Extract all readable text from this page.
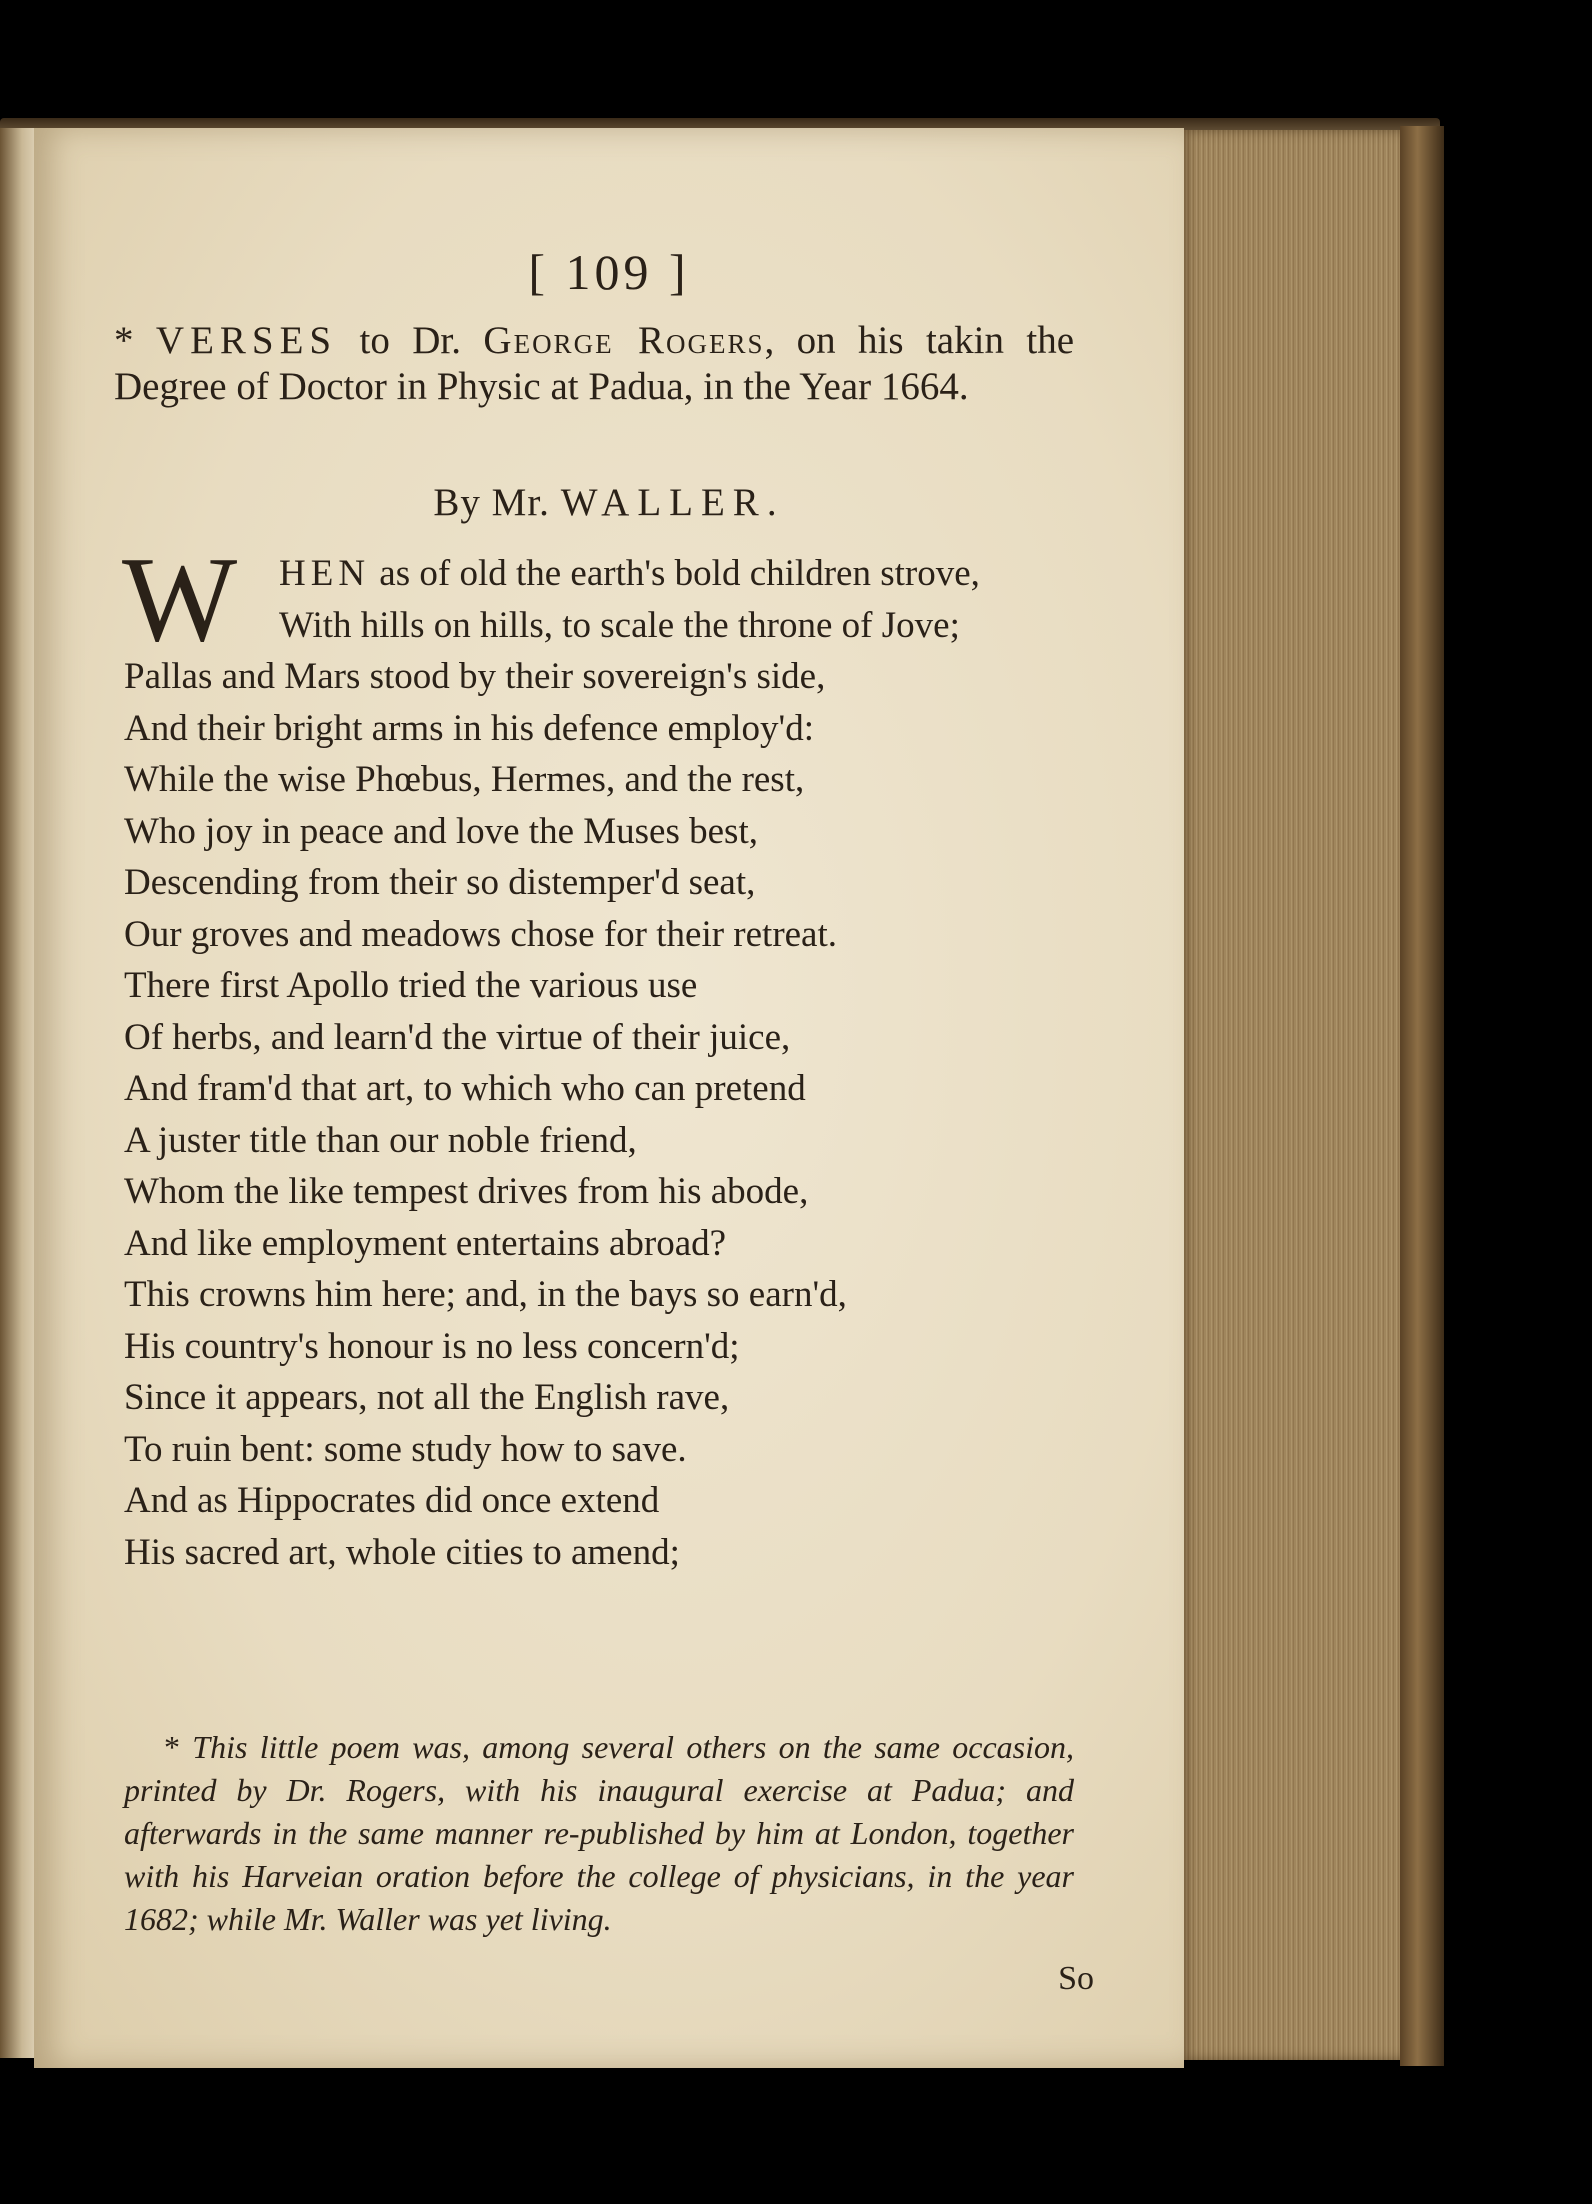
[ 109 ]
* VERSES to Dr. George Rogers, on his takin the Degree of Doctor in Physic at Padua, in the Year 1664.
By Mr. WALLER.
W	HEN as of old the earth's bold children strove,
With hills on hills, to scale the throne of Jove;
Pallas and Mars stood by their sovereign's side,
And their bright arms in his defence employ'd:
While the wise Phœbus, Hermes, and the rest,
Who joy in peace and love the Muses best,
Descending from their so distemper'd seat,
Our groves and meadows chose for their retreat.
There first Apollo tried the various use
Of herbs, and learn'd the virtue of their juice,
And fram'd that art, to which who can pretend
A juster title than our noble friend,
Whom the like tempest drives from his abode,
And like employment entertains abroad?
This crowns him here; and, in the bays so earn'd,
His country's honour is no less concern'd;
Since it appears, not all the English rave,
To ruin bent: some study how to save.
And as Hippocrates did once extend
His sacred art, whole cities to amend;
* This little poem was, among several others on the same occasion, printed by Dr. Rogers, with his inaugural exercise at Padua; and afterwards in the same manner re-published by him at London, together with his Harveian oration before the college of physicians, in the year 1682; while Mr. Waller was yet living.
So
